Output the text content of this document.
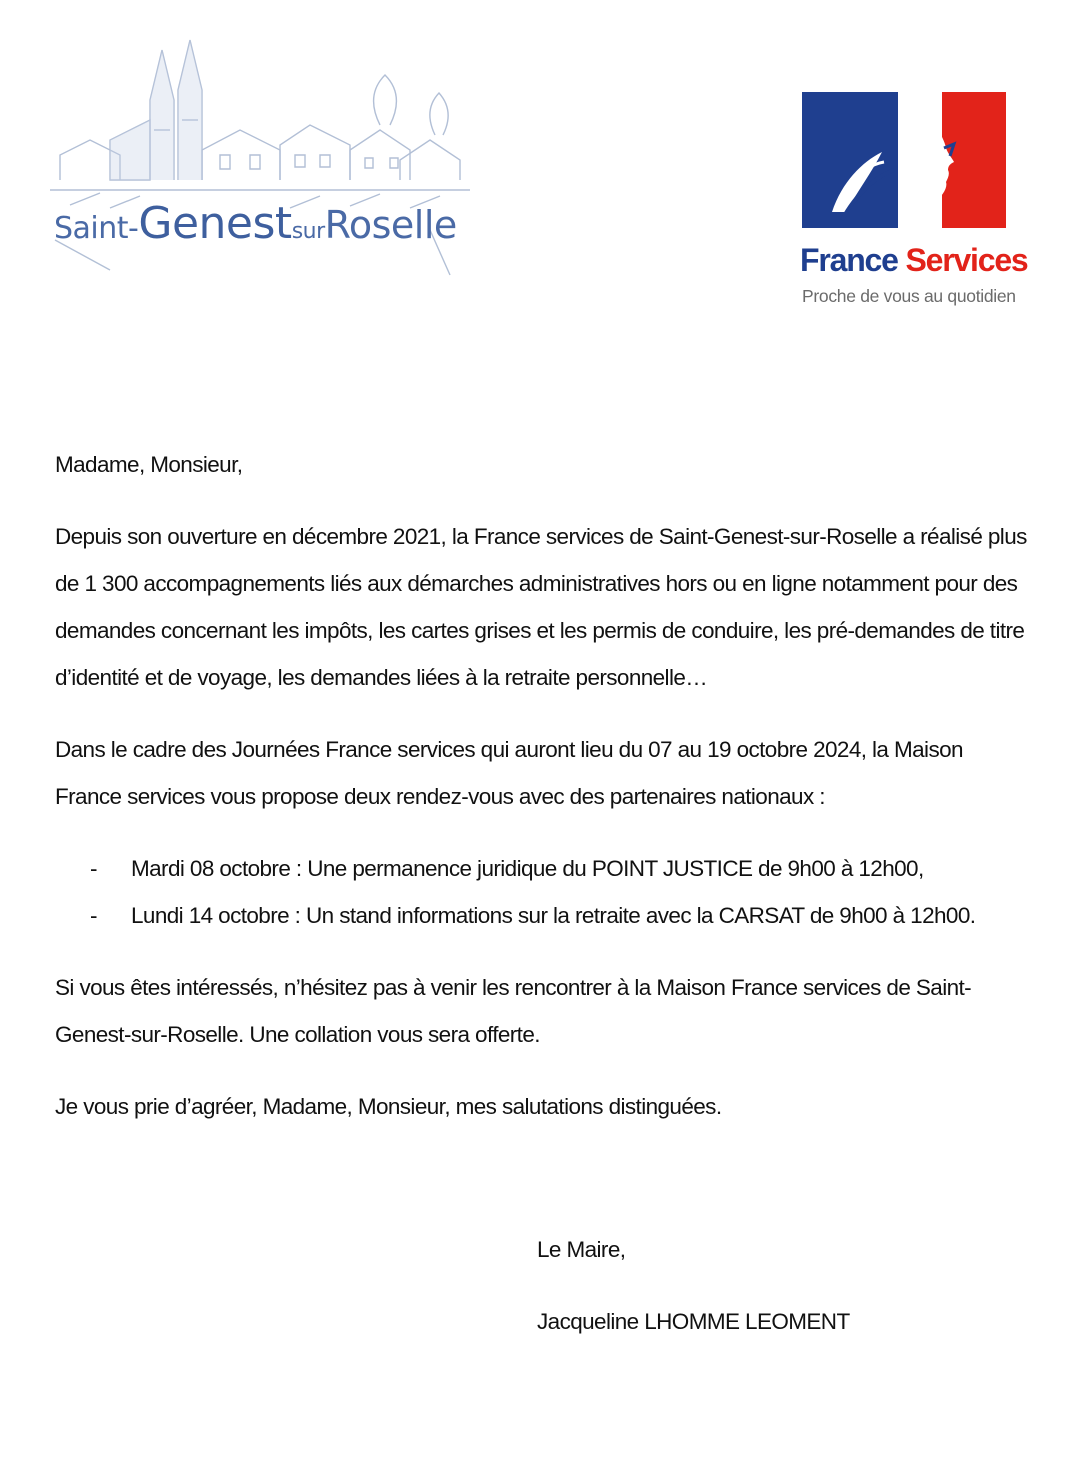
Saint-GenestsurRoselle
France Services
Proche de vous au quotidien

Madame, Monsieur,

Depuis son ouverture en décembre 2021, la France services de Saint-Genest-sur-Roselle a réalisé plus de 1 300 accompagnements liés aux démarches administratives hors ou en ligne notamment pour des demandes concernant les impôts, les cartes grises et les permis de conduire, les pré-demandes de titre d’identité et de voyage, les demandes liées à la retraite personnelle…

Dans le cadre des Journées France services qui auront lieu du 07 au 19 octobre 2024, la Maison France services vous propose deux rendez-vous avec des partenaires nationaux :

- Mardi 08 octobre : Une permanence juridique du POINT JUSTICE de 9h00 à 12h00,
- Lundi 14 octobre : Un stand informations sur la retraite avec la CARSAT de 9h00 à 12h00.

Si vous êtes intéressés, n’hésitez pas à venir les rencontrer à la Maison France services de Saint-Genest-sur-Roselle. Une collation vous sera offerte.

Je vous prie d’agréer, Madame, Monsieur, mes salutations distinguées.

Le Maire,
Jacqueline LHOMME LEOMENT
